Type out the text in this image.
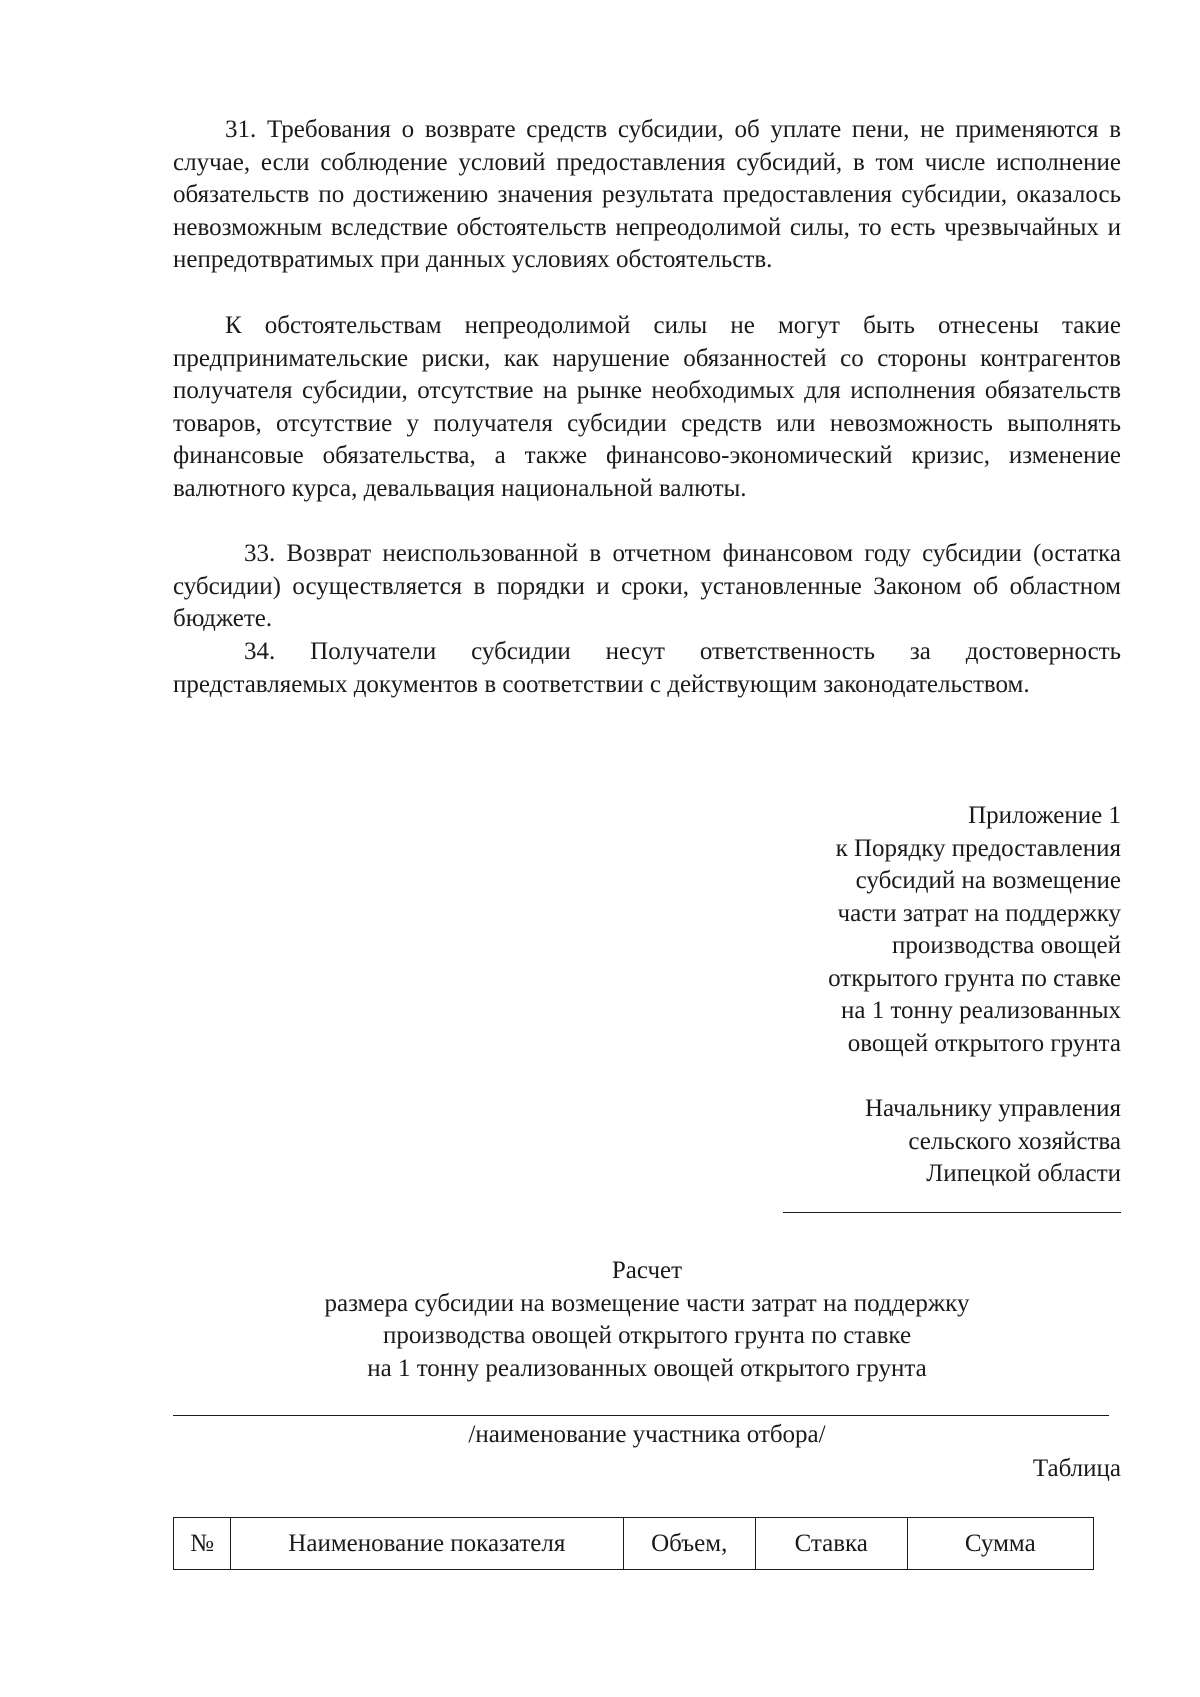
31. Требования о возврате средств субсидии, об уплате пени, не применяются в случае, если соблюдение условий предоставления субсидий, в том числе исполнение обязательств по достижению значения результата предоставления субсидии, оказалось невозможным вследствие обстоятельств непреодолимой силы, то есть чрезвычайных и непредотвратимых при данных условиях обстоятельств.

К обстоятельствам непреодолимой силы не могут быть отнесены такие предпринимательские риски, как нарушение обязанностей со стороны контрагентов получателя субсидии, отсутствие на рынке необходимых для исполнения обязательств товаров, отсутствие у получателя субсидии средств или невозможность выполнять финансовые обязательства, а также финансово-экономический кризис, изменение валютного курса, девальвация национальной валюты.

33. Возврат неиспользованной в отчетном финансовом году субсидии (остатка субсидии) осуществляется в порядки и сроки, установленные Законом об областном бюджете.

34. Получатели субсидии несут ответственность за достоверность представляемых документов в соответствии с действующим законодательством.

Приложение 1
к Порядку предоставления
субсидий на возмещение
части затрат на поддержку
производства овощей
открытого грунта по ставке
на 1 тонну реализованных
овощей открытого грунта
Начальнику управления
сельского хозяйства
Липецкой области
Расчет
размера субсидии на возмещение части затрат на поддержку
производства овощей открытого грунта по ставке
на 1 тонну реализованных овощей открытого грунта
/наименование участника отбора/
Таблица
№	Наименование показателя	Объем,	Ставка	Сумма
